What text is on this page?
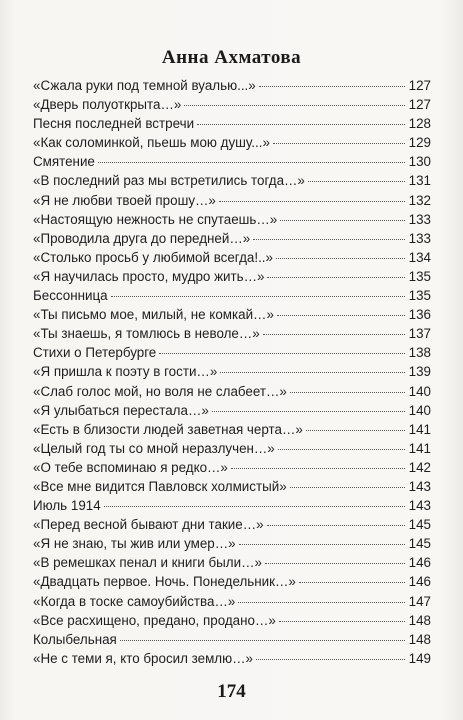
Анна Ахматова
«Сжала руки под темной вуалью...»	127
«Дверь полуоткрыта…»	127
Песня последней встречи	128
«Как соломинкой, пьешь мою душу...»	129
Смятение	130
«В последний раз мы встретились тогда…»	131
«Я не любви твоей прошу…»	132
«Настоящую нежность не спутаешь…»	133
«Проводила друга до передней…»	133
«Столько просьб у любимой всегда!..»	134
«Я научилась просто, мудро жить…»	135
Бессонница	135
«Ты письмо мое, милый, не комкай…»	136
«Ты знаешь, я томлюсь в неволе…»	137
Стихи о Петербурге	138
«Я пришла к поэту в гости…»	139
«Слаб голос мой, но воля не слабеет…»	140
«Я улыбаться перестала…»	140
«Есть в близости людей заветная черта…»	141
«Целый год ты со мной неразлучен…»	141
«О тебе вспоминаю я редко…»	142
«Все мне видится Павловск холмистый»	143
Июль 1914	143
«Перед весной бывают дни такие…»	145
«Я не знаю, ты жив или умер…»	145
«В ремешках пенал и книги были…»	146
«Двадцать первое. Ночь. Понедельник…»	146
«Когда в тоске самоубийства…»	147
«Все расхищено, предано, продано…»	148
Колыбельная	148
«Не с теми я, кто бросил землю…»	149
174
